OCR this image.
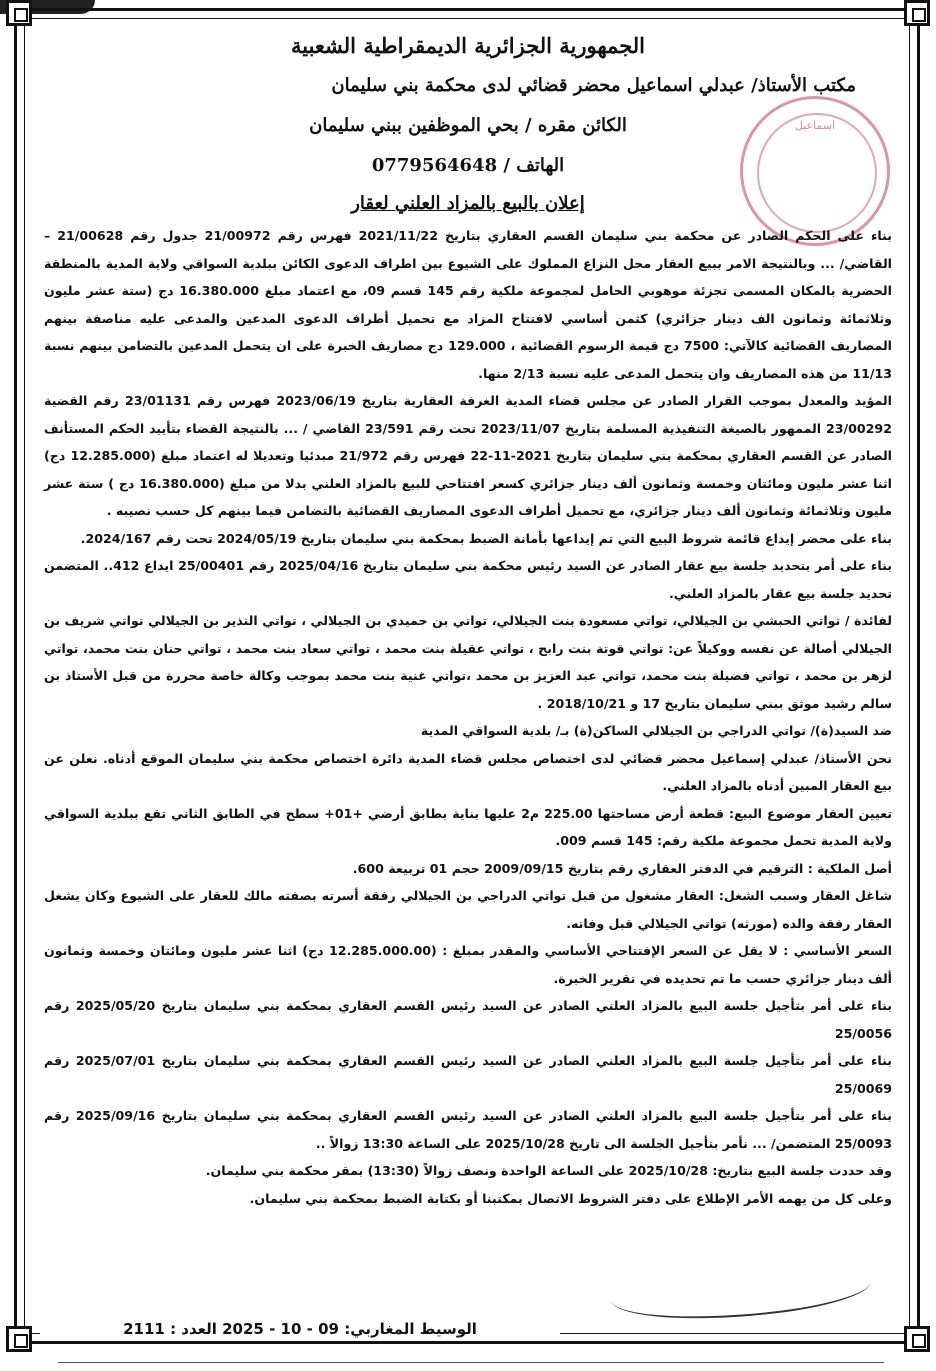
اسماعيل
الجمهورية الجزائرية الديمقراطية الشعبية
مكتب الأستاذ/ عبدلي اسماعيل محضر قضائي لدى محكمة بني سليمان
الكائن مقره / بحي الموظفين ببني سليمان
الهاتف / 0779564648
إعلان بالبيع بالمزاد العلني لعقار

بناء على الحكم الصادر عن محكمة بني سليمان القسم العقاري بتاريخ 2021/11/22 فهرس رقم 21/00972 جدول رقم 21/00628 – القاضي/ ... وبالنتيجة الامر ببيع العقار محل النزاع المملوك على الشيوع بين اطراف الدعوى الكائن ببلدية السواقي ولاية المدية بالمنطقة الحضرية بالمكان المسمى تجزئة موهوبي الحامل لمجموعة ملكية رقم 145 قسم 09، مع اعتماد مبلغ 16.380.000 دج (ستة عشر مليون وثلاثمائة وثمانون الف دينار جزائري) كثمن أساسي لافتتاح المزاد مع تحميل أطراف الدعوى المدعين والمدعى عليه مناصفة بينهم المصاريف القضائية كالآتي: 7500 دج قيمة الرسوم القضائية ، 129.000 دج مصاريف الخبرة على ان يتحمل المدعين بالتضامن بينهم نسبة 11/13 من هذه المصاريف وان يتحمل المدعى عليه نسبة 2/13 منها.

المؤيد والمعدل بموجب القرار الصادر عن مجلس قضاء المدية الغرفة العقارية بتاريخ 2023/06/19 فهرس رقم 23/01131 رقم القضية 23/00292 الممهور بالصيغة التنفيذية المسلمة بتاريخ 2023/11/07 تحت رقم 23/591 القاضي / ... بالنتيجة القضاء بتأييد الحكم المستأنف الصادر عن القسم العقاري بمحكمة بني سليمان بتاريخ 2021-11-22 فهرس رقم 21/972 مبدئيا وتعديلا له اعتماد مبلغ (12.285.000 دج) اثنا عشر مليون ومائتان وخمسة وثمانون ألف دينار جزائري كسعر افتتاحي للبيع بالمزاد العلني بدلا من مبلغ (16.380.000 دج ) ستة عشر مليون وثلاثمائة وثمانون ألف دينار جزائري، مع تحميل أطراف الدعوى المصاريف القضائية بالتضامن فيما بينهم كل حسب نصيبه .

بناء على محضر إيداع قائمة شروط البيع التي تم إيداعها بأمانة الضبط بمحكمة بني سليمان بتاريخ 2024/05/19 تحت رقم 2024/167.

بناء على أمر بتحديد جلسة بيع عقار الصادر عن السيد رئيس محكمة بني سليمان بتاريخ 2025/04/16 رقم 25/00401 ايداع 412.. المتضمن تحديد جلسة بيع عقار بالمزاد العلني.

لفائدة / تواتي الحبشي بن الجيلالي، تواتي مسعودة بنت الجيلالي، تواتي بن حميدي بن الجيلالي ، تواتي النذير بن الجيلالي تواتي شريف بن الجيلالي أصالة عن نفسه ووكيلاً عن: تواتي قوتة بنت رابح ، تواتي عقيلة بنت محمد ، تواتي سعاد بنت محمد ، تواتي حنان بنت محمد، تواتي لزهر بن محمد ، تواتي فضيلة بنت محمد، تواتي عبد العزيز بن محمد ،تواتي غنية بنت محمد بموجب وكالة خاصة محررة من قبل الأستاذ بن سالم رشيد موثق ببني سليمان بتاريخ 17 و 2018/10/21 .

ضد السيد(ة)/ تواتي الدراجي بن الجيلالي الساكن(ة) بـ/ بلدية السواقي المدية

نحن الأستاذ/ عبدلي إسماعيل محضر قضائي لدى اختصاص مجلس قضاء المدية دائرة اختصاص محكمة بني سليمان الموقع أدناه. نعلن عن بيع العقار المبين أدناه بالمزاد العلني.

تعيين العقار موضوع البيع: قطعة أرض مساحتها 225.00 م2 عليها بناية بطابق أرضي +01+ سطح في الطابق الثاني تقع ببلدية السواقي ولاية المدية تحمل مجموعة ملكية رقم: 145 قسم 009.

أصل الملكية : الترقيم في الدفتر العقاري رقم بتاريخ 2009/09/15 حجم 01 تربيعة 600.

شاغل العقار وسبب الشغل: العقار مشغول من قبل تواتي الدراجي بن الجيلالي رفقة أسرته بصفته مالك للعقار على الشيوع وكان يشغل العقار رفقة والده (مورثه) تواتي الجيلالي قبل وفاته.

السعر الأساسي : لا يقل عن السعر الإفتتاحي الأساسي والمقدر بمبلغ : (12.285.000.00 دج) اثنا عشر مليون ومائتان وخمسة وثمانون ألف دينار جزائري حسب ما تم تحديده في تقرير الخبرة.

بناء على أمر بتأجيل جلسة البيع بالمزاد العلني الصادر عن السيد رئيس القسم العقاري بمحكمة بني سليمان بتاريخ 2025/05/20 رقم 25/0056

بناء على أمر بتأجيل جلسة البيع بالمزاد العلني الصادر عن السيد رئيس القسم العقاري بمحكمة بني سليمان بتاريخ 2025/07/01 رقم 25/0069

بناء على أمر بتأجيل جلسة البيع بالمزاد العلني الصادر عن السيد رئيس القسم العقاري بمحكمة بني سليمان بتاريخ 2025/09/16 رقم 25/0093 المتضمن/ ... نأمر بتأجيل الجلسة الى تاريخ 2025/10/28 على الساعة 13:30 زوالاً ..

وقد حددت جلسة البيع بتاريخ: 2025/10/28 على الساعة الواحدة ونصف زوالاً (13:30) بمقر محكمة بني سليمان.

وعلى كل من يهمه الأمر الإطلاع على دفتر الشروط الاتصال بمكتبنا أو بكتابة الضبط بمحكمة بني سليمان.

الوسيط المغاربي: 09 - 10 - 2025 العدد : 2111
